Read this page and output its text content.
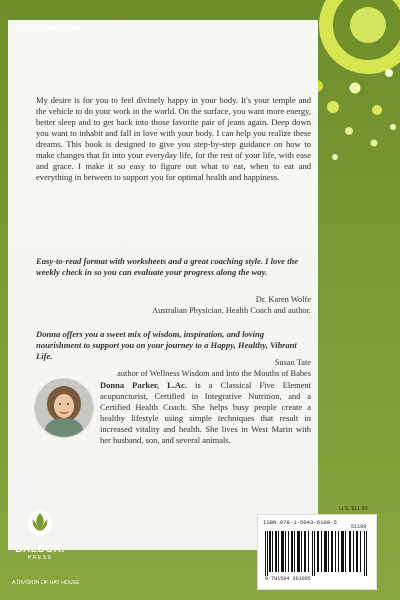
HEALTH/FITNESS/DIET
My desire is for you to feel divinely happy in your body. It's your temple and the vehicle to do your work in the world. On the surface, you want more energy, better sleep and to get back into those favorite pair of jeans again. Deep down you want to inhabit and fall in love with your body. I can help you realize these dreams. This book is designed to give you step-by-step guidance on how to make changes that fit into your everyday life, for the rest of your life, with ease and grace. I make it so easy to figure out what to eat, when to eat and everything in between to support you for optimal health and happiness.
Easy-to-read format with worksheets and a great coaching style. I love the weekly check in so you can evaluate your progress along the way.
Dr. Karen Wolfe
Australian Physician, Health Coach and author.
Donna offers you a sweet mix of wisdom, inspiration, and loving nourishment to support you on your journey to a Happy, Healthy, Vibrant Life.
Susan Tate
author of Wellness Wisdom and Into the Mouths of Babes
Donna Parker, L.Ac. is a Classical Five Element acupuncturist, Certified in Integrative Nutrition, and a Certified Health Coach. She helps busy people create a healthy lifestyle using simple techniques that result in increased vitality and health. She lives in West Marin with her husband, son, and several animals.
U.S. $11.99
ISBN 978-1-5043-6109-5
51199
9 781504 361095
BALBOA.
PRESS
A DIVISION OF HAY HOUSE
